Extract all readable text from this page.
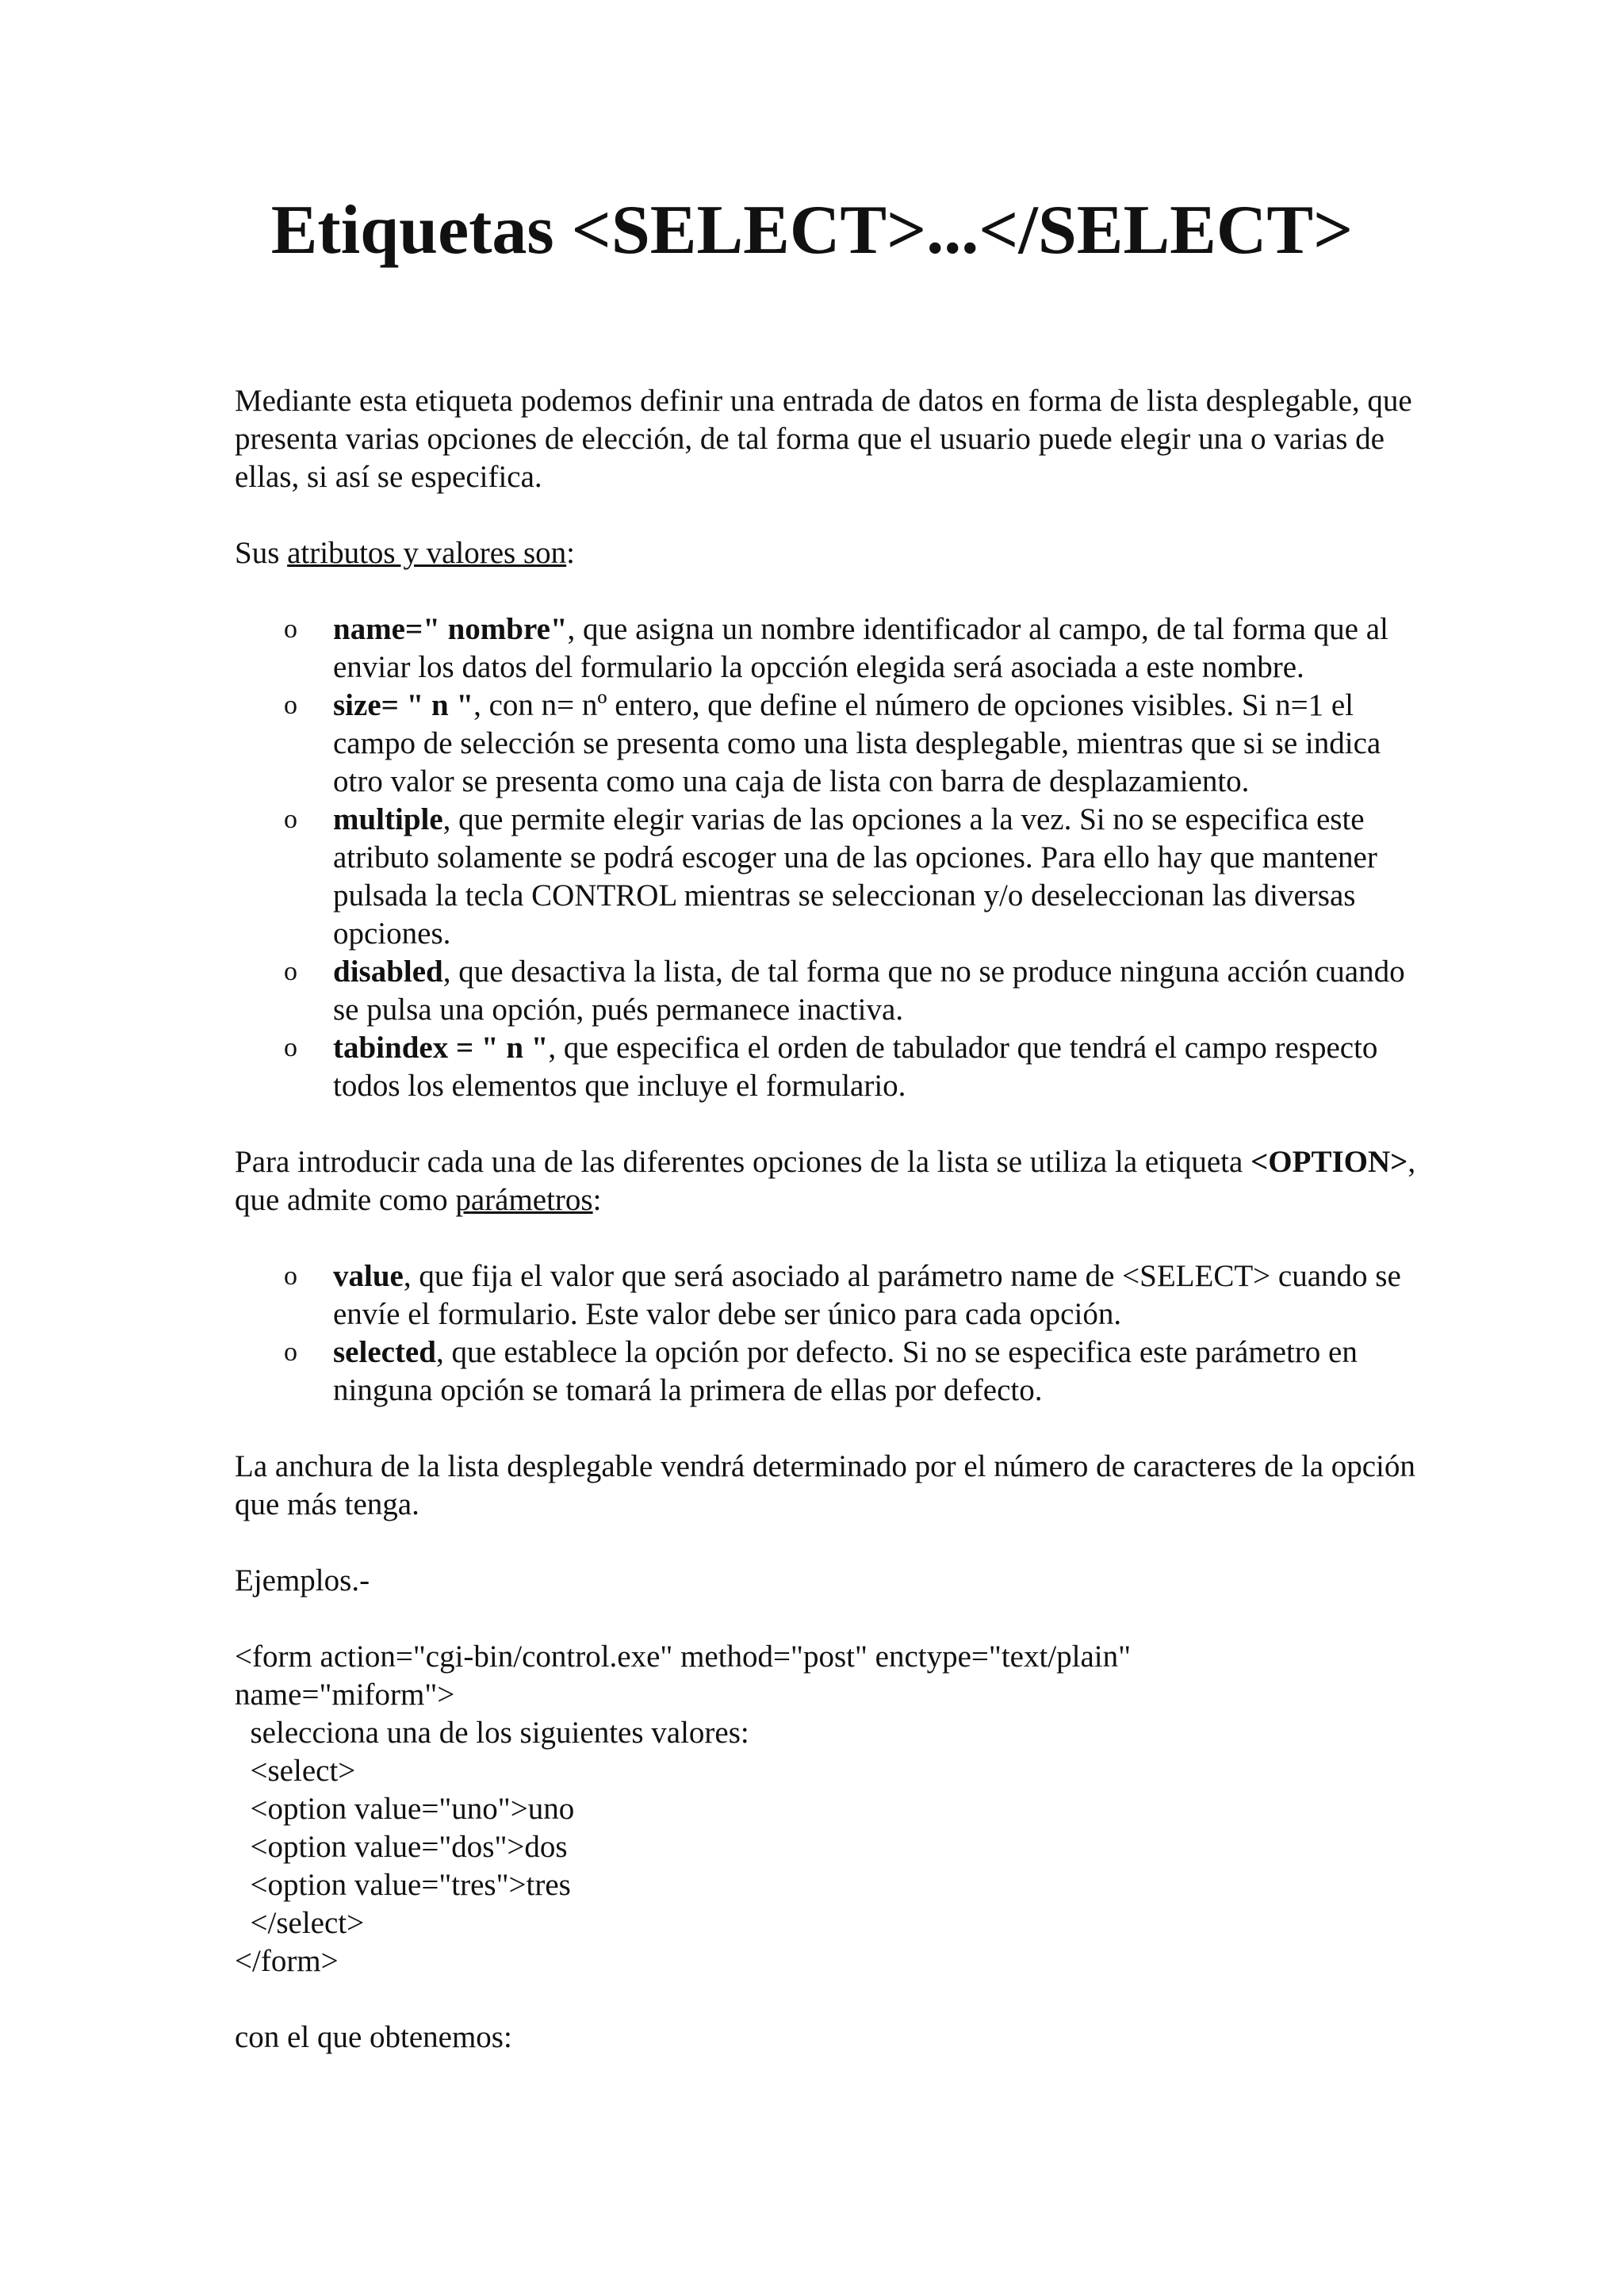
Etiquetas <SELECT>...</SELECT>

Mediante esta etiqueta podemos definir una entrada de datos en forma de lista desplegable, que presenta varias opciones de elección, de tal forma que el usuario puede elegir una o varias de ellas, si así se especifica.

Sus atributos y valores son:

o name=" nombre", que asigna un nombre identificador al campo, de tal forma que al enviar los datos del formulario la opcción elegida será asociada a este nombre.
o size= " n ", con n= nº entero, que define el número de opciones visibles. Si n=1 el campo de selección se presenta como una lista desplegable, mientras que si se indica otro valor se presenta como una caja de lista con barra de desplazamiento.
o multiple, que permite elegir varias de las opciones a la vez. Si no se especifica este atributo solamente se podrá escoger una de las opciones. Para ello hay que mantener pulsada la tecla CONTROL mientras se seleccionan y/o deseleccionan las diversas opciones.
o disabled, que desactiva la lista, de tal forma que no se produce ninguna acción cuando se pulsa una opción, pués permanece inactiva.
o tabindex = " n ", que especifica el orden de tabulador que tendrá el campo respecto todos los elementos que incluye el formulario.

Para introducir cada una de las diferentes opciones de la lista se utiliza la etiqueta <OPTION>, que admite como parámetros:

o value, que fija el valor que será asociado al parámetro name de <SELECT> cuando se envíe el formulario. Este valor debe ser único para cada opción.
o selected, que establece la opción por defecto. Si no se especifica este parámetro en ninguna opción se tomará la primera de ellas por defecto.

La anchura de la lista desplegable vendrá determinado por el número de caracteres de la opción que más tenga.

Ejemplos.-

<form action="cgi-bin/control.exe" method="post" enctype="text/plain"
name="miform">
selecciona una de los siguientes valores:
<select>
<option value="uno">uno
<option value="dos">dos
<option value="tres">tres
</select>
</form>

con el que obtenemos:
